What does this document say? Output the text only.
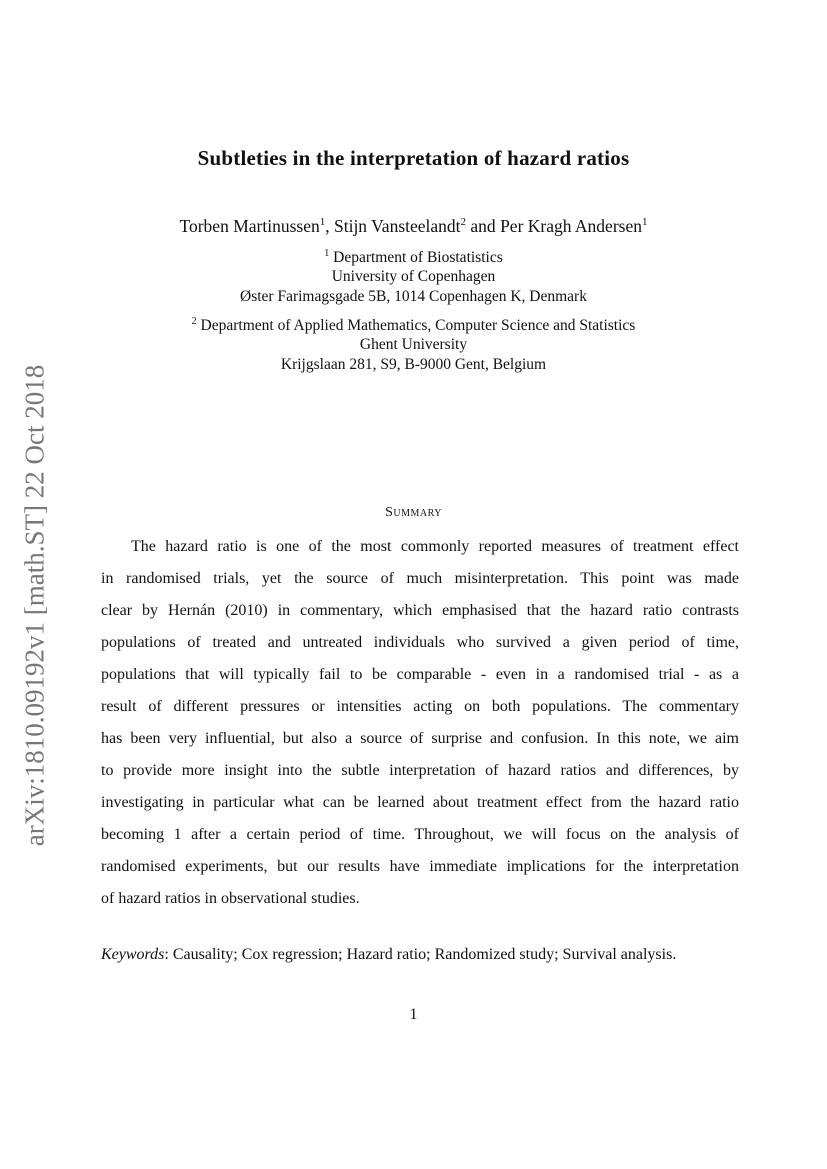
arXiv:1810.09192v1 [math.ST] 22 Oct 2018
Subtleties in the interpretation of hazard ratios
Torben Martinussen$^1$, Stijn Vansteelandt$^2$ and Per Kragh Andersen$^1$
$^1$ Department of Biostatistics
University of Copenhagen
Øster Farimagsgade 5B, 1014 Copenhagen K, Denmark
$^2$ Department of Applied Mathematics, Computer Science and Statistics
Ghent University
Krijgslaan 281, S9, B-9000 Gent, Belgium
Summary
The hazard ratio is one of the most commonly reported measures of treatment effect
in randomised trials, yet the source of much misinterpretation. This point was made
clear by Hernán (2010) in commentary, which emphasised that the hazard ratio contrasts
populations of treated and untreated individuals who survived a given period of time,
populations that will typically fail to be comparable - even in a randomised trial - as a
result of different pressures or intensities acting on both populations. The commentary
has been very influential, but also a source of surprise and confusion. In this note, we aim
to provide more insight into the subtle interpretation of hazard ratios and differences, by
investigating in particular what can be learned about treatment effect from the hazard ratio
becoming 1 after a certain period of time. Throughout, we will focus on the analysis of
randomised experiments, but our results have immediate implications for the interpretation
of hazard ratios in observational studies.
Keywords: Causality; Cox regression; Hazard ratio; Randomized study; Survival analysis.
1
